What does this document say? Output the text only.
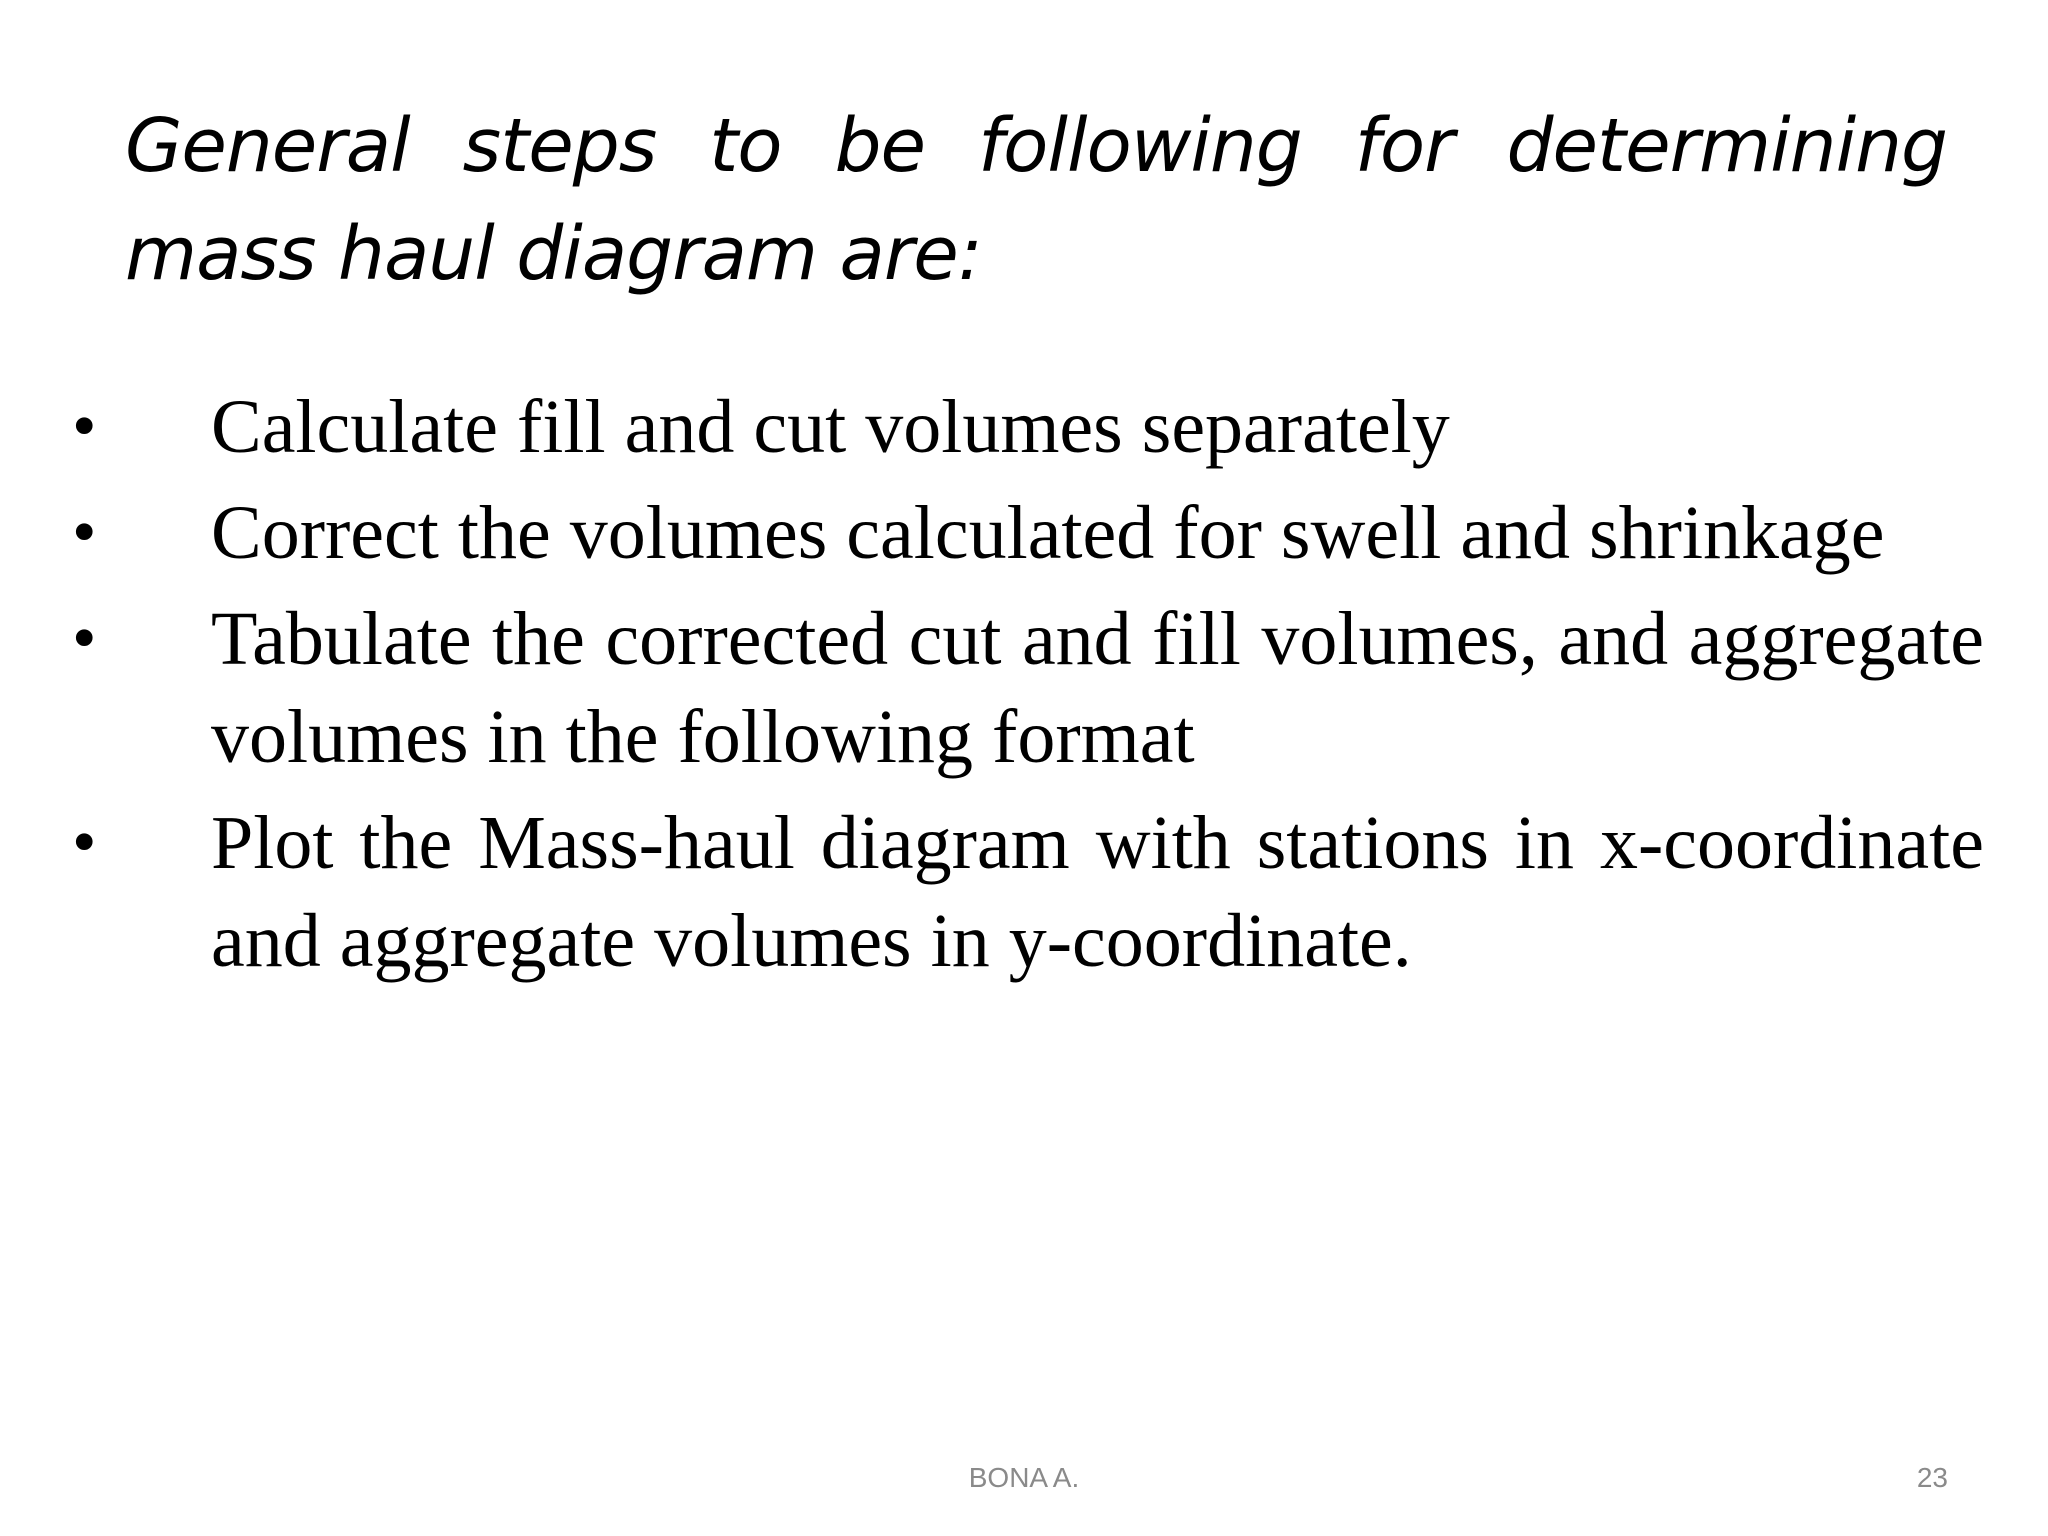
General steps to be following for determining mass haul diagram are:
• Calculate fill and cut volumes separately
• Correct the volumes calculated for swell and shrinkage
• Tabulate the corrected cut and fill volumes, and aggregate volumes in the following format
• Plot the Mass-haul diagram with stations in x-coordinate and aggregate volumes in y-coordinate.
BONA A.	23
